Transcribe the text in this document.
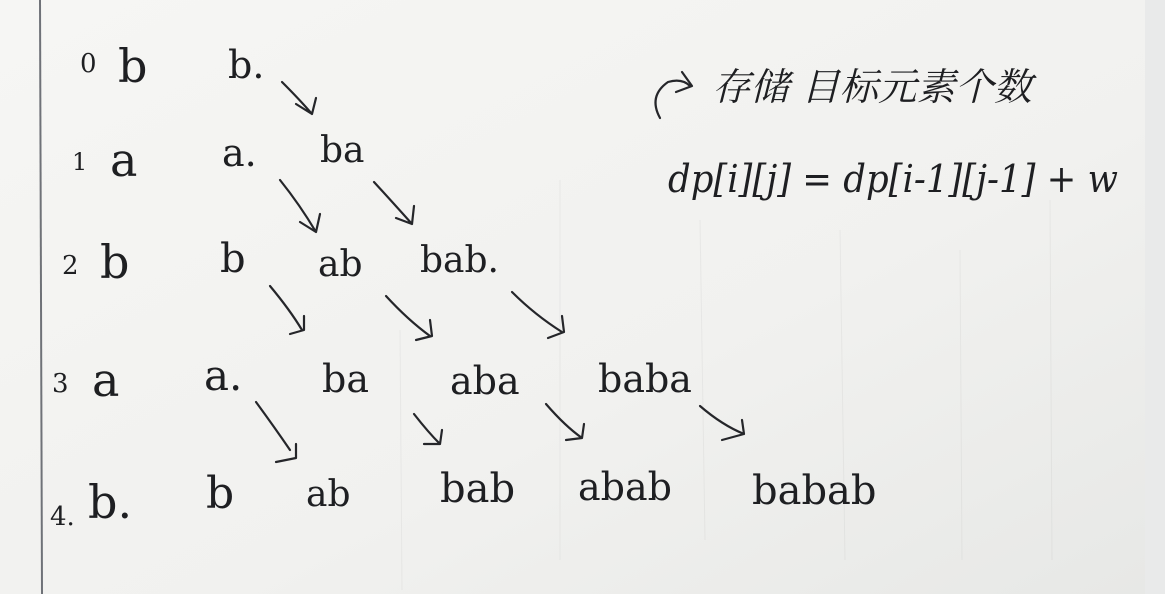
0 b b.
ba
1 a a.
2 b b ab bab.
3 a a. ba aba baba
4. b. b ab bab abab babab
存储 目标元素个数
dp[i][j] = dp[i-1][j-1] + w
